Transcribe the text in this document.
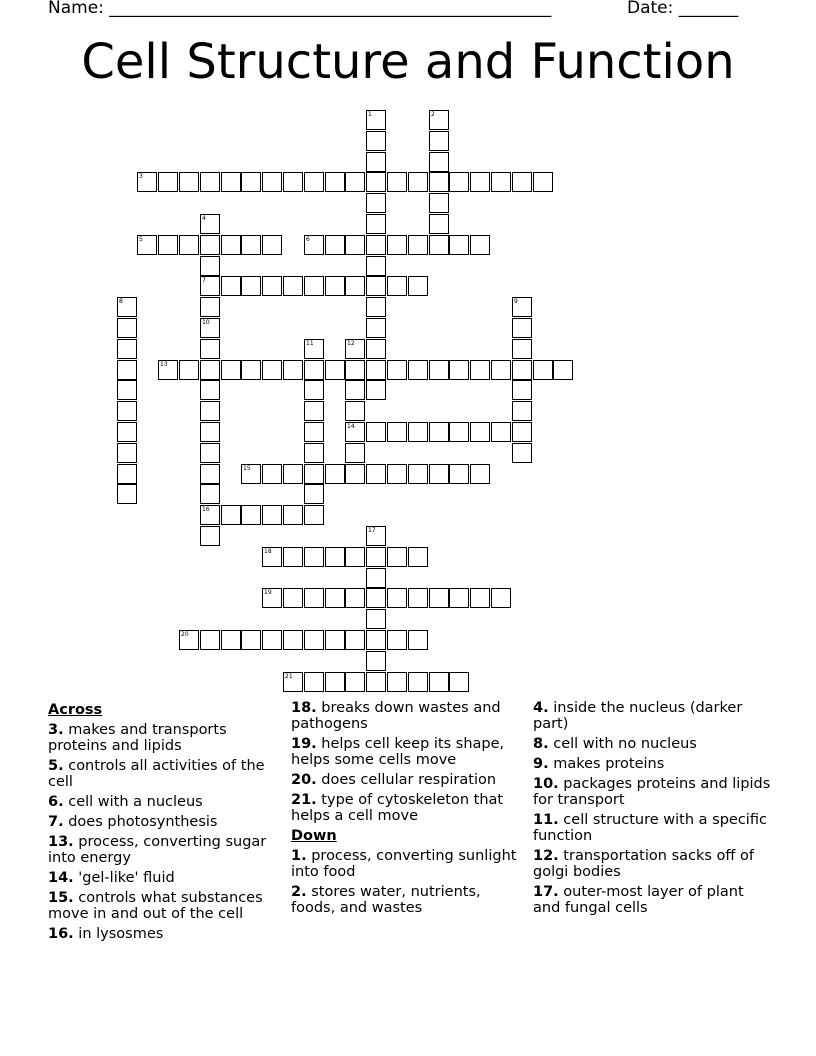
Name: ____________________________________________________	Date: _______
Cell Structure and Function
1	2
3
4
5	6
7
8	9
10
11	12
13
14
15
16
17
18
19
20
21
Across
3. makes and transports proteins and lipids
5. controls all activities of the cell
6. cell with a nucleus
7. does photosynthesis
13. process, converting sugar into energy
14. 'gel-like' fluid
15. controls what substances move in and out of the cell
16. in lysosmes
18. breaks down wastes and pathogens
19. helps cell keep its shape, helps some cells move
20. does cellular respiration
21. type of cytoskeleton that helps a cell move
Down
1. process, converting sunlight into food
2. stores water, nutrients, foods, and wastes
4. inside the nucleus (darker part)
8. cell with no nucleus
9. makes proteins
10. packages proteins and lipids for transport
11. cell structure with a specific function
12. transportation sacks off of golgi bodies
17. outer-most layer of plant and fungal cells
